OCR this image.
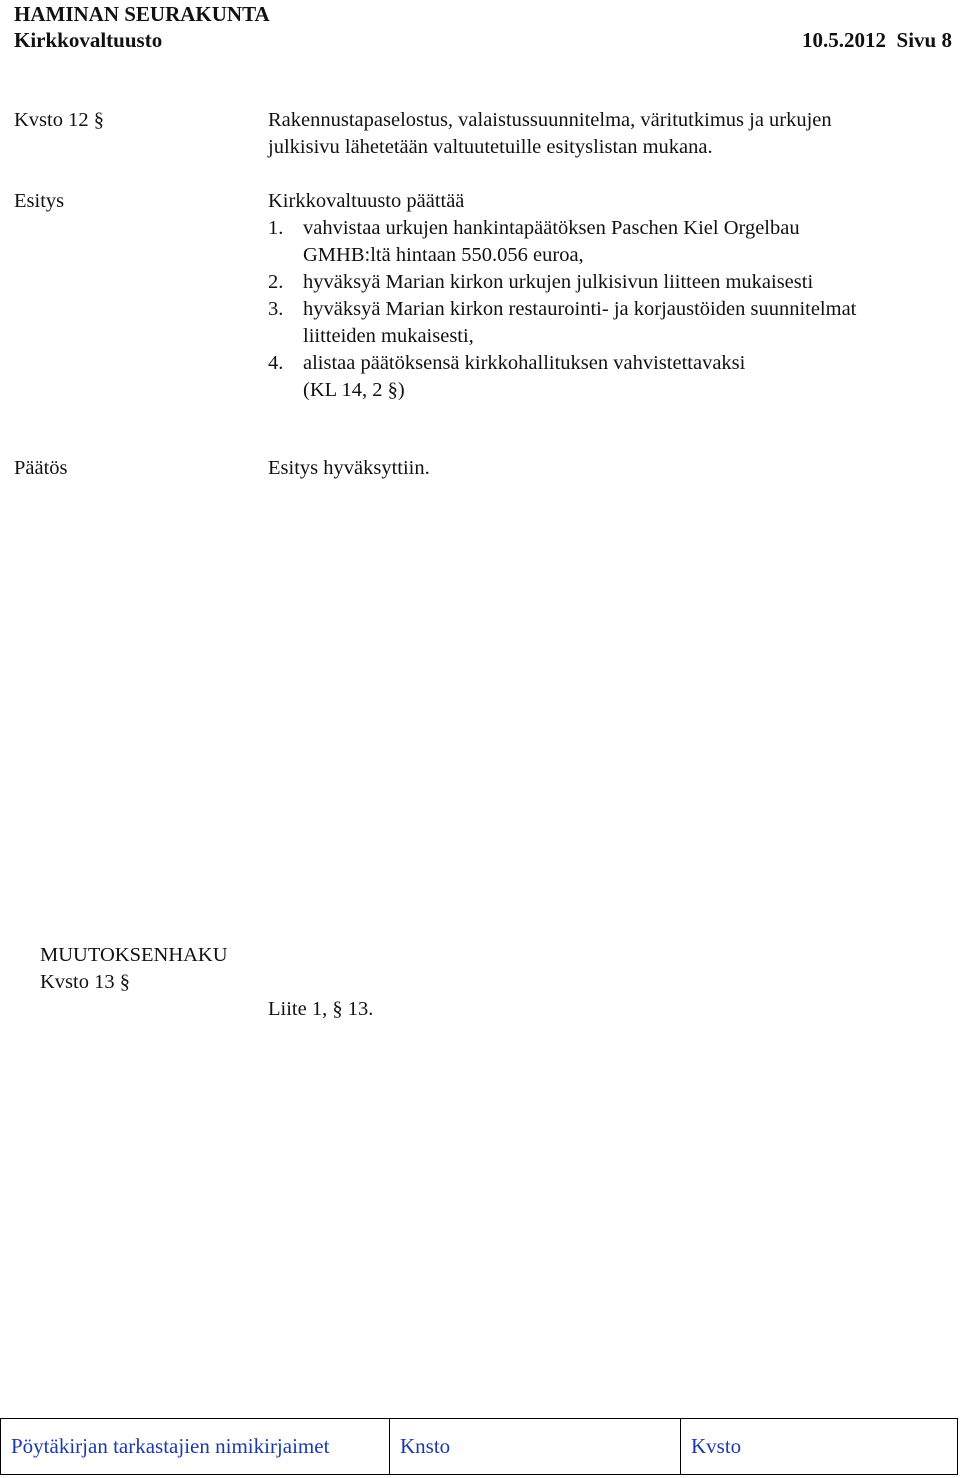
HAMINAN SEURAKUNTA
Kirkkovaltuusto	10.5.2012  Sivu 8
Kvsto 12 §	Rakennustapaselostus, valaistussuunnitelma, väritutkimus ja urkujen
julkisivu lähetetään valtuutetuille esityslistan mukana.
Esitys	Kirkkovaltuusto päättää
1. vahvistaa urkujen hankintapäätöksen Paschen Kiel Orgelbau
GMHB:ltä hintaan 550.056 euroa,
2. hyväksyä Marian kirkon urkujen julkisivun liitteen mukaisesti
3. hyväksyä Marian kirkon restaurointi- ja korjaustöiden suunnitelmat
liitteiden mukaisesti,
4. alistaa päätöksensä kirkkohallituksen vahvistettavaksi
(KL 14, 2 §)
Päätös	Esitys hyväksyttiin.
MUUTOKSENHAKU
Kvsto 13 §
Liite 1, § 13.
Pöytäkirjan tarkastajien nimikirjaimet	Knsto	Kvsto
